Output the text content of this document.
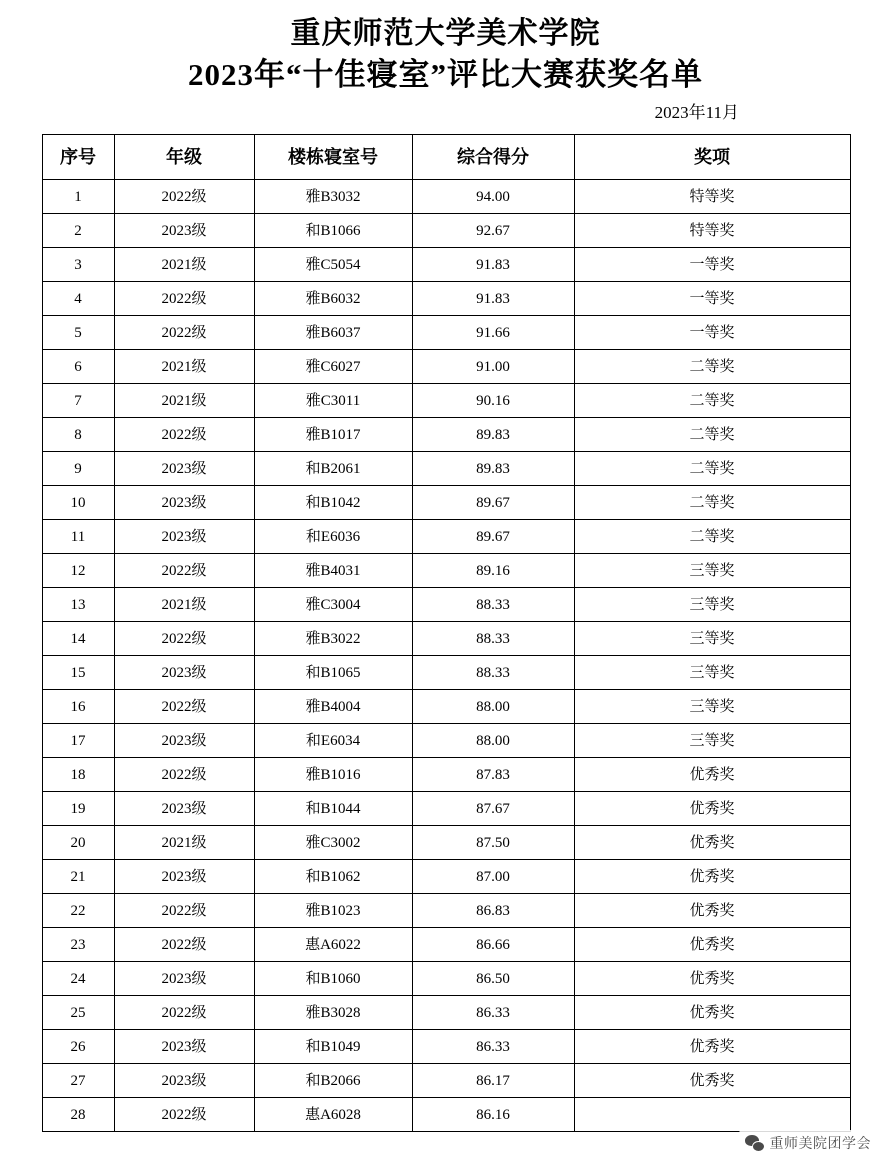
重庆师范大学美术学院
2023年“十佳寝室”评比大赛获奖名单
2023年11月
序号	年级	楼栋寝室号	综合得分	奖项
1	2022级	雅B3032	94.00	特等奖
2	2023级	和B1066	92.67	特等奖
3	2021级	雅C5054	91.83	一等奖
4	2022级	雅B6032	91.83	一等奖
5	2022级	雅B6037	91.66	一等奖
6	2021级	雅C6027	91.00	二等奖
7	2021级	雅C3011	90.16	二等奖
8	2022级	雅B1017	89.83	二等奖
9	2023级	和B2061	89.83	二等奖
10	2023级	和B1042	89.67	二等奖
11	2023级	和E6036	89.67	二等奖
12	2022级	雅B4031	89.16	三等奖
13	2021级	雅C3004	88.33	三等奖
14	2022级	雅B3022	88.33	三等奖
15	2023级	和B1065	88.33	三等奖
16	2022级	雅B4004	88.00	三等奖
17	2023级	和E6034	88.00	三等奖
18	2022级	雅B1016	87.83	优秀奖
19	2023级	和B1044	87.67	优秀奖
20	2021级	雅C3002	87.50	优秀奖
21	2023级	和B1062	87.00	优秀奖
22	2022级	雅B1023	86.83	优秀奖
23	2022级	惠A6022	86.66	优秀奖
24	2023级	和B1060	86.50	优秀奖
25	2022级	雅B3028	86.33	优秀奖
26	2023级	和B1049	86.33	优秀奖
27	2023级	和B2066	86.17	优秀奖
28	2022级	惠A6028	86.16	
重师美院团学会
